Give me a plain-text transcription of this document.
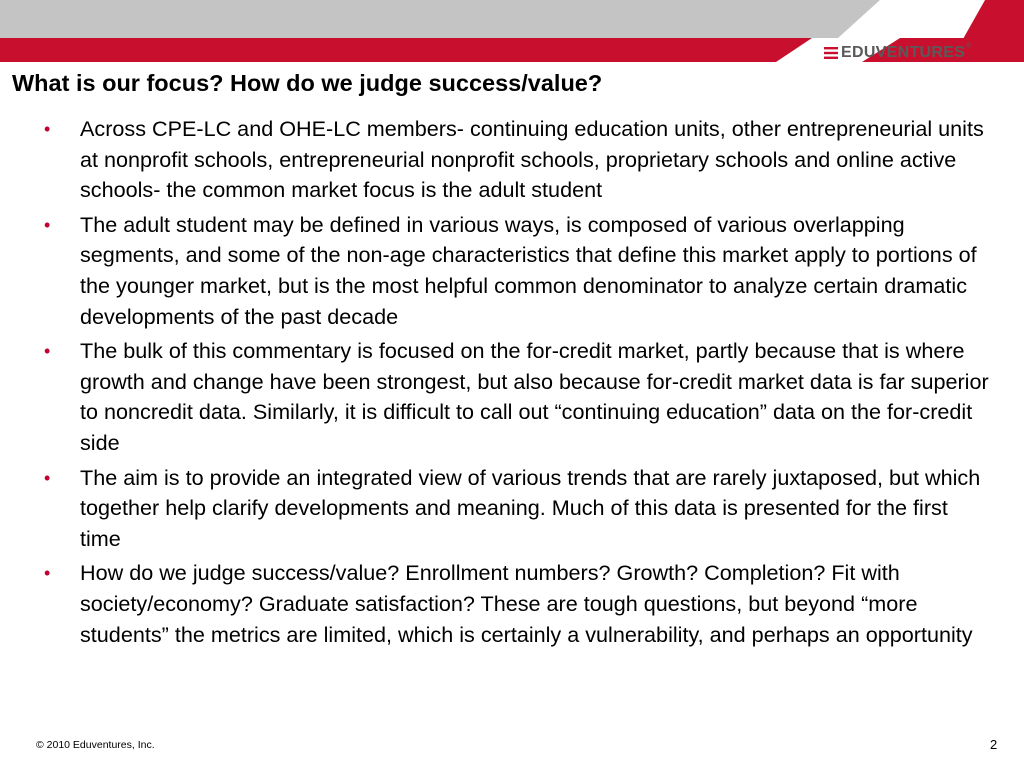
EDUVENTURES ®
What is our focus? How do we judge success/value?
• Across CPE-LC and OHE-LC members- continuing education units, other entrepreneurial units at nonprofit schools, entrepreneurial nonprofit schools, proprietary schools and online active schools- the common market focus is the adult student
• The adult student may be defined in various ways, is composed of various overlapping segments, and some of the non-age characteristics that define this market apply to portions of the younger market, but is the most helpful common denominator to analyze certain dramatic developments of the past decade
• The bulk of this commentary is focused on the for-credit market, partly because that is where growth and change have been strongest, but also because for-credit market data is far superior to noncredit data. Similarly, it is difficult to call out “continuing education” data on the for-credit side
• The aim is to provide an integrated view of various trends that are rarely juxtaposed, but which together help clarify developments and meaning. Much of this data is presented for the first time
• How do we judge success/value? Enrollment numbers? Growth? Completion? Fit with society/economy? Graduate satisfaction? These are tough questions, but beyond “more students” the metrics are limited, which is certainly a vulnerability, and perhaps an opportunity
© 2010 Eduventures, Inc.	2
